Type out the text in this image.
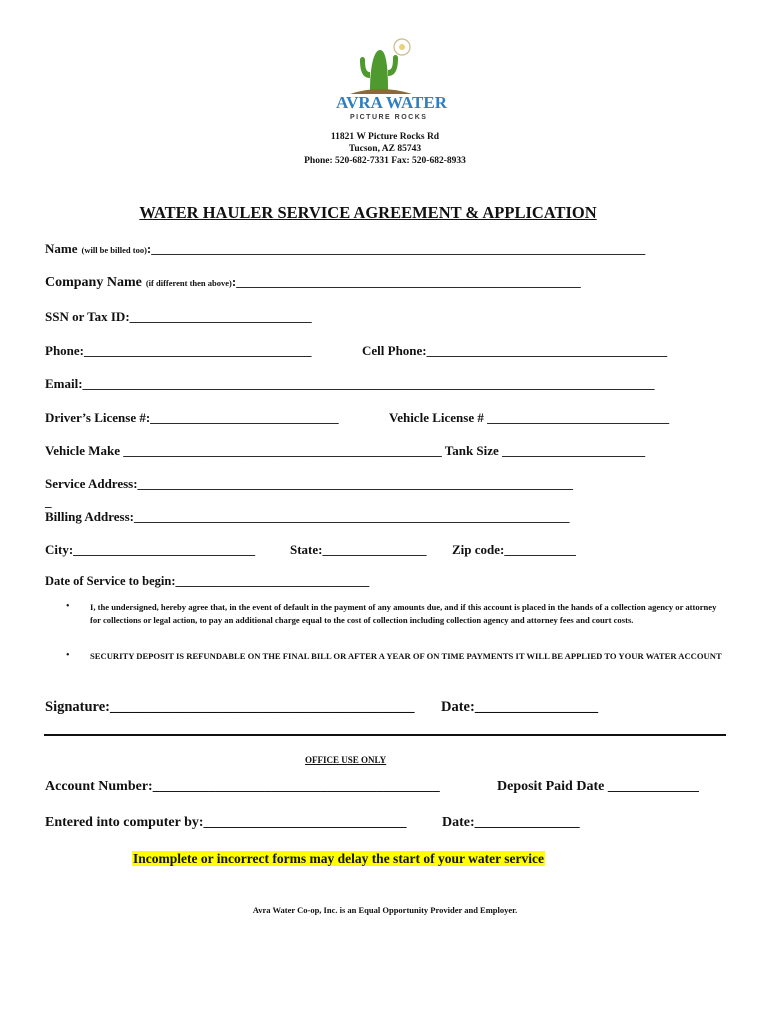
AVRA WATER
PICTURE ROCKS
11821 W Picture Rocks Rd
Tucson, AZ 85743
Phone: 520-682-7331 Fax: 520-682-8933
WATER HAULER SERVICE AGREEMENT & APPLICATION
Name (will be billed too):____________________________________________________________________________
Company Name (if different then above):_____________________________________________________
SSN or Tax ID:____________________________
Phone:___________________________________	Cell Phone:_____________________________________
Email:________________________________________________________________________________________
Driver’s License #:_____________________________	Vehicle License # ____________________________
Vehicle Make _________________________________________________ Tank Size ______________________
Service Address:___________________________________________________________________
_
Billing Address:___________________________________________________________________
City:____________________________	State:________________ Zip code:___________
Date of Service to begin:_______________________________
• I, the undersigned, hereby agree that, in the event of default in the payment of any amounts due, and if this account is placed in the hands of a collection agency or attorney for collections or legal action, to pay an additional charge equal to the cost of collection including collection agency and attorney fees and court costs.
• SECURITY DEPOSIT IS REFUNDABLE ON THE FINAL BILL OR AFTER A YEAR OF ON TIME PAYMENTS IT WILL BE APPLIED TO YOUR WATER ACCOUNT
Signature:__________________________________________ Date:_________________
OFFICE USE ONLY
Account Number:_________________________________________	Deposit Paid Date _____________
Entered into computer by:_____________________________	Date:_______________
Incomplete or incorrect forms may delay the start of your water service
Avra Water Co-op, Inc. is an Equal Opportunity Provider and Employer.
